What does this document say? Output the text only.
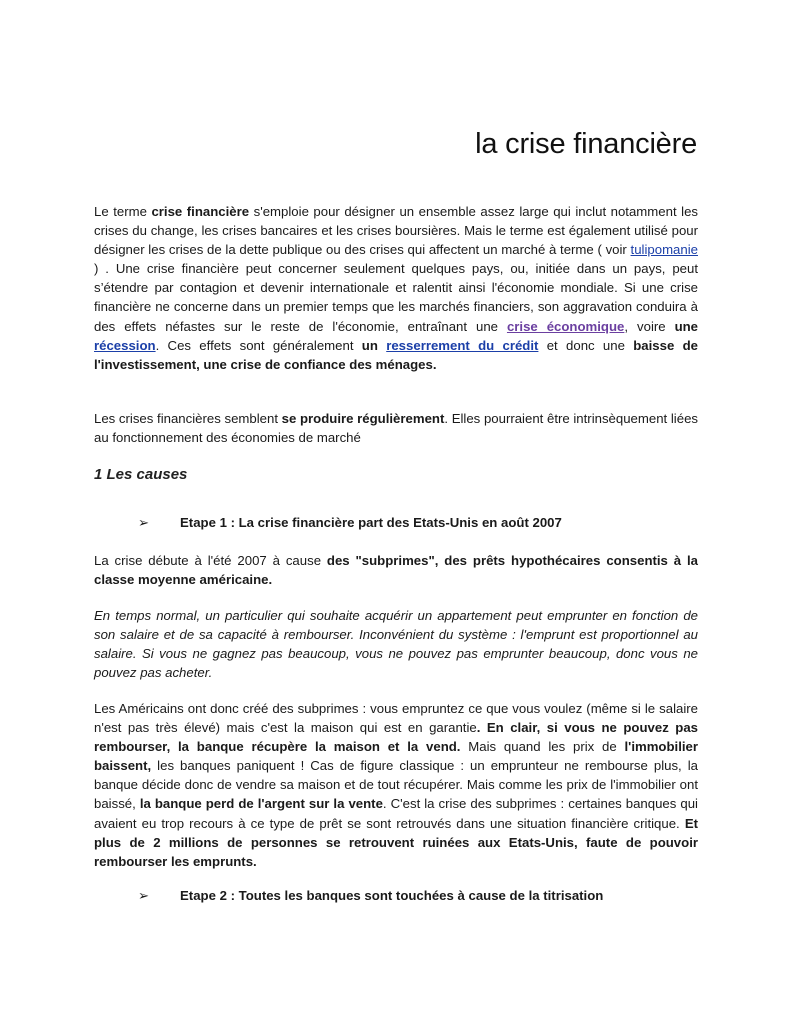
la crise financière

Le terme crise financière s'emploie pour désigner un ensemble assez large qui inclut notamment les crises du change, les crises bancaires et les crises boursières. Mais le terme est également utilisé pour désigner les crises de la dette publique ou des crises qui affectent un marché à terme ( voir tulipomanie ) . Une crise financière peut concerner seulement quelques pays, ou, initiée dans un pays, peut s’étendre par contagion et devenir internationale et ralentit ainsi l'économie mondiale. Si une crise financière ne concerne dans un premier temps que les marchés financiers, son aggravation conduira à des effets néfastes sur le reste de l'économie, entraînant une crise économique, voire une récession. Ces effets sont généralement un resserrement du crédit et donc une baisse de l'investissement, une crise de confiance des ménages.

Les crises financières semblent se produire régulièrement. Elles pourraient être intrinsèquement liées au fonctionnement des économies de marché

1 Les causes
➢ Etape 1 : La crise financière part des Etats-Unis en août 2007

La crise débute à l'été 2007 à cause des "subprimes", des prêts hypothécaires consentis à la classe moyenne américaine.

En temps normal, un particulier qui souhaite acquérir un appartement peut emprunter en fonction de son salaire et de sa capacité à rembourser. Inconvénient du système : l'emprunt est proportionnel au salaire. Si vous ne gagnez pas beaucoup, vous ne pouvez pas emprunter beaucoup, donc vous ne pouvez pas acheter.

Les Américains ont donc créé des subprimes : vous empruntez ce que vous voulez (même si le salaire n'est pas très élevé) mais c'est la maison qui est en garantie. En clair, si vous ne pouvez pas rembourser, la banque récupère la maison et la vend. Mais quand les prix de l'immobilier baissent, les banques paniquent ! Cas de figure classique : un emprunteur ne rembourse plus, la banque décide donc de vendre sa maison et de tout récupérer. Mais comme les prix de l'immobilier ont baissé, la banque perd de l'argent sur la vente. C'est la crise des subprimes : certaines banques qui avaient eu trop recours à ce type de prêt se sont retrouvés dans une situation financière critique. Et plus de 2 millions de personnes se retrouvent ruinées aux Etats-Unis, faute de pouvoir rembourser les emprunts.

➢ Etape 2 : Toutes les banques sont touchées à cause de la titrisation
